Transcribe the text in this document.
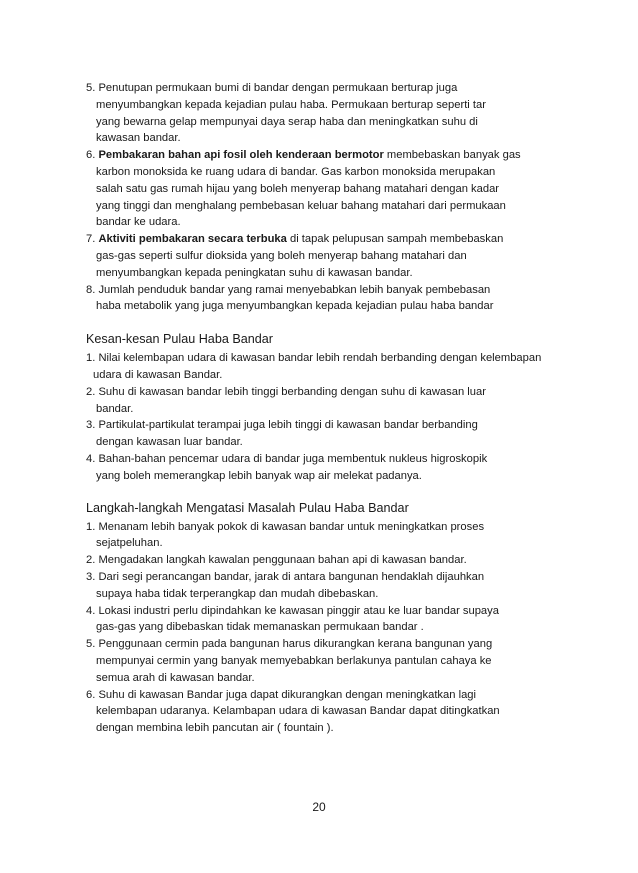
5. Penutupan permukaan bumi di bandar dengan permukaan berturap juga
menyumbangkan kepada kejadian pulau haba. Permukaan berturap seperti tar
yang bewarna gelap mempunyai daya serap haba dan meningkatkan suhu di
kawasan bandar.
6. Pembakaran bahan api fosil oleh kenderaan bermotor membebaskan banyak gas
karbon monoksida ke ruang udara di bandar. Gas karbon monoksida merupakan
salah satu gas rumah hijau yang boleh menyerap bahang matahari dengan kadar
yang tinggi dan menghalang pembebasan keluar bahang matahari dari permukaan
bandar ke udara.
7. Aktiviti pembakaran secara terbuka di tapak pelupusan sampah membebaskan
gas-gas seperti sulfur dioksida yang boleh menyerap bahang matahari dan
menyumbangkan kepada peningkatan suhu di kawasan bandar.
8. Jumlah penduduk bandar yang ramai menyebabkan lebih banyak pembebasan
haba metabolik yang juga menyumbangkan kepada kejadian pulau haba bandar
Kesan-kesan Pulau Haba Bandar
1. Nilai kelembapan udara di kawasan bandar lebih rendah berbanding dengan kelembapan
udara di kawasan Bandar.
2. Suhu di kawasan bandar lebih tinggi berbanding dengan suhu di kawasan luar
bandar.
3. Partikulat-partikulat terampai juga lebih tinggi di kawasan bandar berbanding
dengan kawasan luar bandar.
4. Bahan-bahan pencemar udara di bandar juga membentuk nukleus higroskopik
yang boleh memerangkap lebih banyak wap air melekat padanya.
Langkah-langkah Mengatasi Masalah Pulau Haba Bandar
1. Menanam lebih banyak pokok di kawasan bandar untuk meningkatkan proses
sejatpeluhan.
2. Mengadakan langkah kawalan penggunaan bahan api di kawasan bandar.
3. Dari segi perancangan bandar, jarak di antara bangunan hendaklah dijauhkan
supaya haba tidak terperangkap dan mudah dibebaskan.
4. Lokasi industri perlu dipindahkan ke kawasan pinggir atau ke luar bandar supaya
gas-gas yang dibebaskan tidak memanaskan permukaan bandar .
5. Penggunaan cermin pada bangunan harus dikurangkan kerana bangunan yang
mempunyai cermin yang banyak memyebabkan berlakunya pantulan cahaya ke
semua arah di kawasan bandar.
6. Suhu di kawasan Bandar juga dapat dikurangkan dengan meningkatkan lagi
kelembapan udaranya. Kelambapan udara di kawasan Bandar dapat ditingkatkan
dengan membina lebih pancutan air ( fountain ).
20
